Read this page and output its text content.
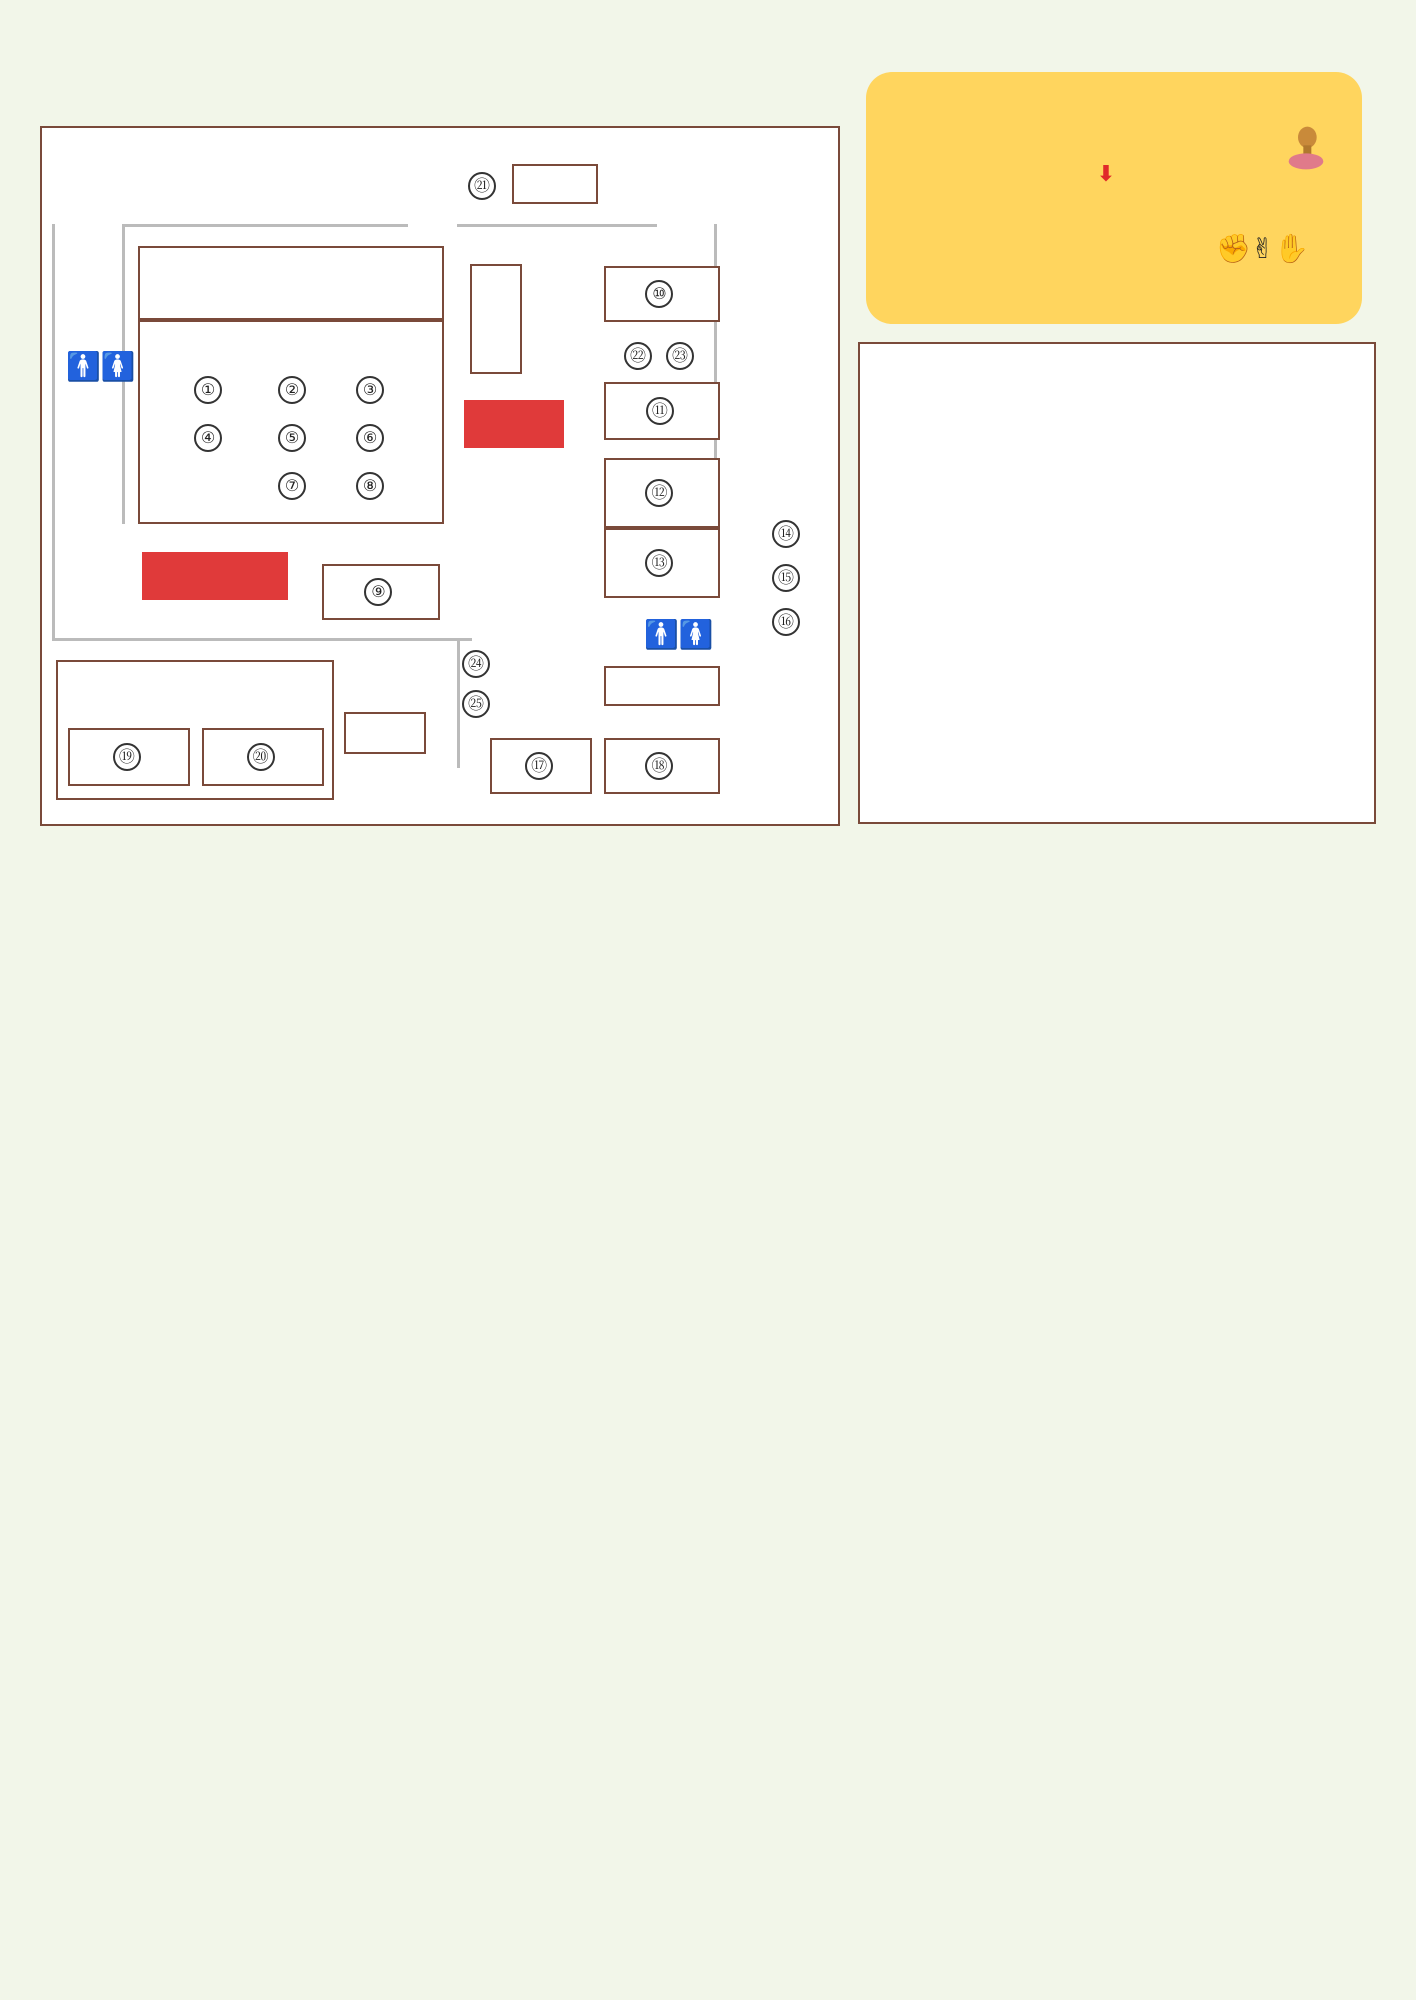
⬇
✊✌✋
①	②	③
④	⑤	⑥
⑦	⑧
🚹🚺
㉑
⑩

㉒	㉓
⑪

⑫

⑬

⑭
⑮
⑯
⑨

🚹🚺
㉔
㉕
⑰
	⑱

⑲
	⑳
